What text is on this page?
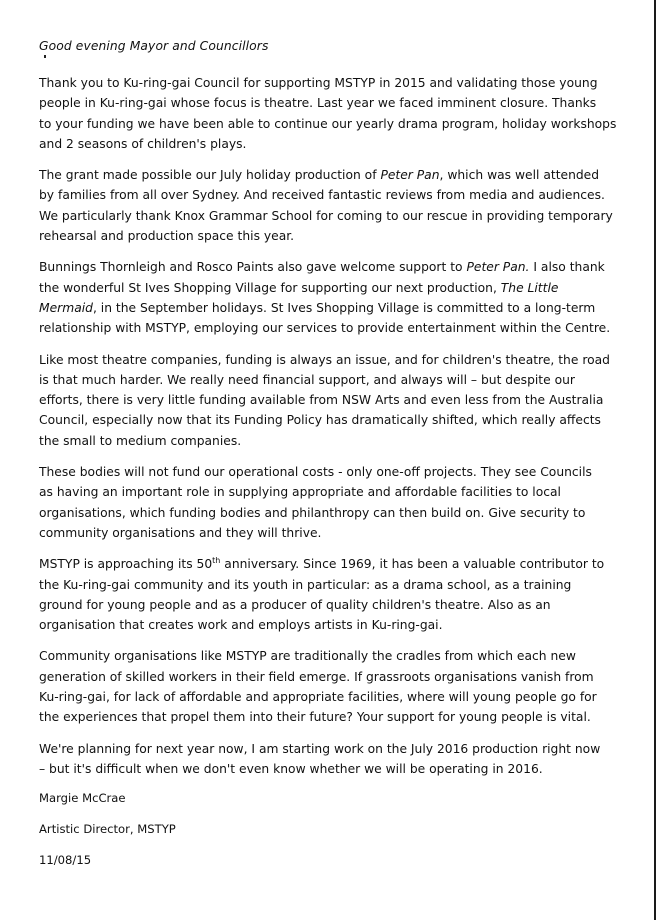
Good evening Mayor and Councillors

Thank you to Ku-ring-gai Council for supporting MSTYP in 2015 and validating those young
people in Ku-ring-gai whose focus is theatre. Last year we faced imminent closure. Thanks
to your funding we have been able to continue our yearly drama program, holiday workshops
and 2 seasons of children's plays.

The grant made possible our July holiday production of Peter Pan, which was well attended
by families from all over Sydney. And received fantastic reviews from media and audiences.
We particularly thank Knox Grammar School for coming to our rescue in providing temporary
rehearsal and production space this year.

Bunnings Thornleigh and Rosco Paints also gave welcome support to Peter Pan. I also thank
the wonderful St Ives Shopping Village for supporting our next production, The Little
Mermaid, in the September holidays. St Ives Shopping Village is committed to a long-term
relationship with MSTYP, employing our services to provide entertainment within the Centre.

Like most theatre companies, funding is always an issue, and for children's theatre, the road
is that much harder. We really need financial support, and always will – but despite our
efforts, there is very little funding available from NSW Arts and even less from the Australia
Council, especially now that its Funding Policy has dramatically shifted, which really affects
the small to medium companies.

These bodies will not fund our operational costs - only one-off projects. They see Councils
as having an important role in supplying appropriate and affordable facilities to local
organisations, which funding bodies and philanthropy can then build on. Give security to
community organisations and they will thrive.

MSTYP is approaching its 50th anniversary. Since 1969, it has been a valuable contributor to
the Ku-ring-gai community and its youth in particular: as a drama school, as a training
ground for young people and as a producer of quality children's theatre. Also as an
organisation that creates work and employs artists in Ku-ring-gai.

Community organisations like MSTYP are traditionally the cradles from which each new
generation of skilled workers in their field emerge. If grassroots organisations vanish from
Ku-ring-gai, for lack of affordable and appropriate facilities, where will young people go for
the experiences that propel them into their future? Your support for young people is vital.

We're planning for next year now, I am starting work on the July 2016 production right now
– but it's difficult when we don't even know whether we will be operating in 2016.

Margie McCrae

Artistic Director, MSTYP

11/08/15
